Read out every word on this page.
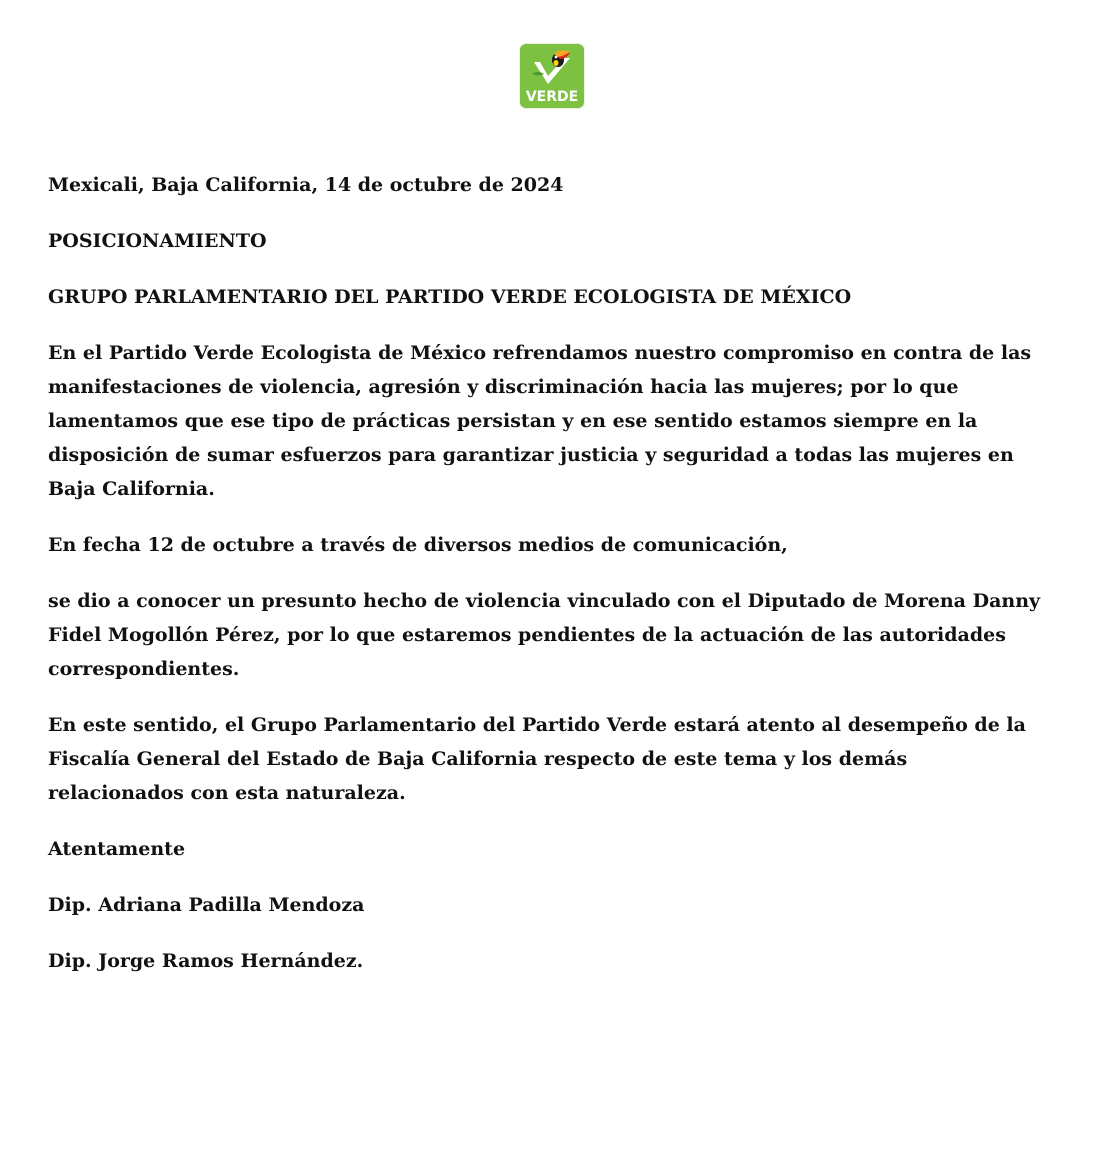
VERDE

Mexicali, Baja California, 14 de octubre de 2024

POSICIONAMIENTO

GRUPO PARLAMENTARIO DEL PARTIDO VERDE ECOLOGISTA DE MÉXICO

En el Partido Verde Ecologista de México refrendamos nuestro compromiso en contra de las manifestaciones de violencia, agresión y discriminación hacia las mujeres; por lo que lamentamos que ese tipo de prácticas persistan y en ese sentido estamos siempre en la disposición de sumar esfuerzos para garantizar justicia y seguridad a todas las mujeres en Baja California.

En fecha 12 de octubre a través de diversos medios de comunicación,

se dio a conocer un presunto hecho de violencia vinculado con el Diputado de Morena Danny Fidel Mogollón Pérez, por lo que estaremos pendientes de la actuación de las autoridades correspondientes.

En este sentido, el Grupo Parlamentario del Partido Verde estará atento al desempeño de la Fiscalía General del Estado de Baja California respecto de este tema y los demás relacionados con esta naturaleza.

Atentamente

Dip. Adriana Padilla Mendoza

Dip. Jorge Ramos Hernández.
